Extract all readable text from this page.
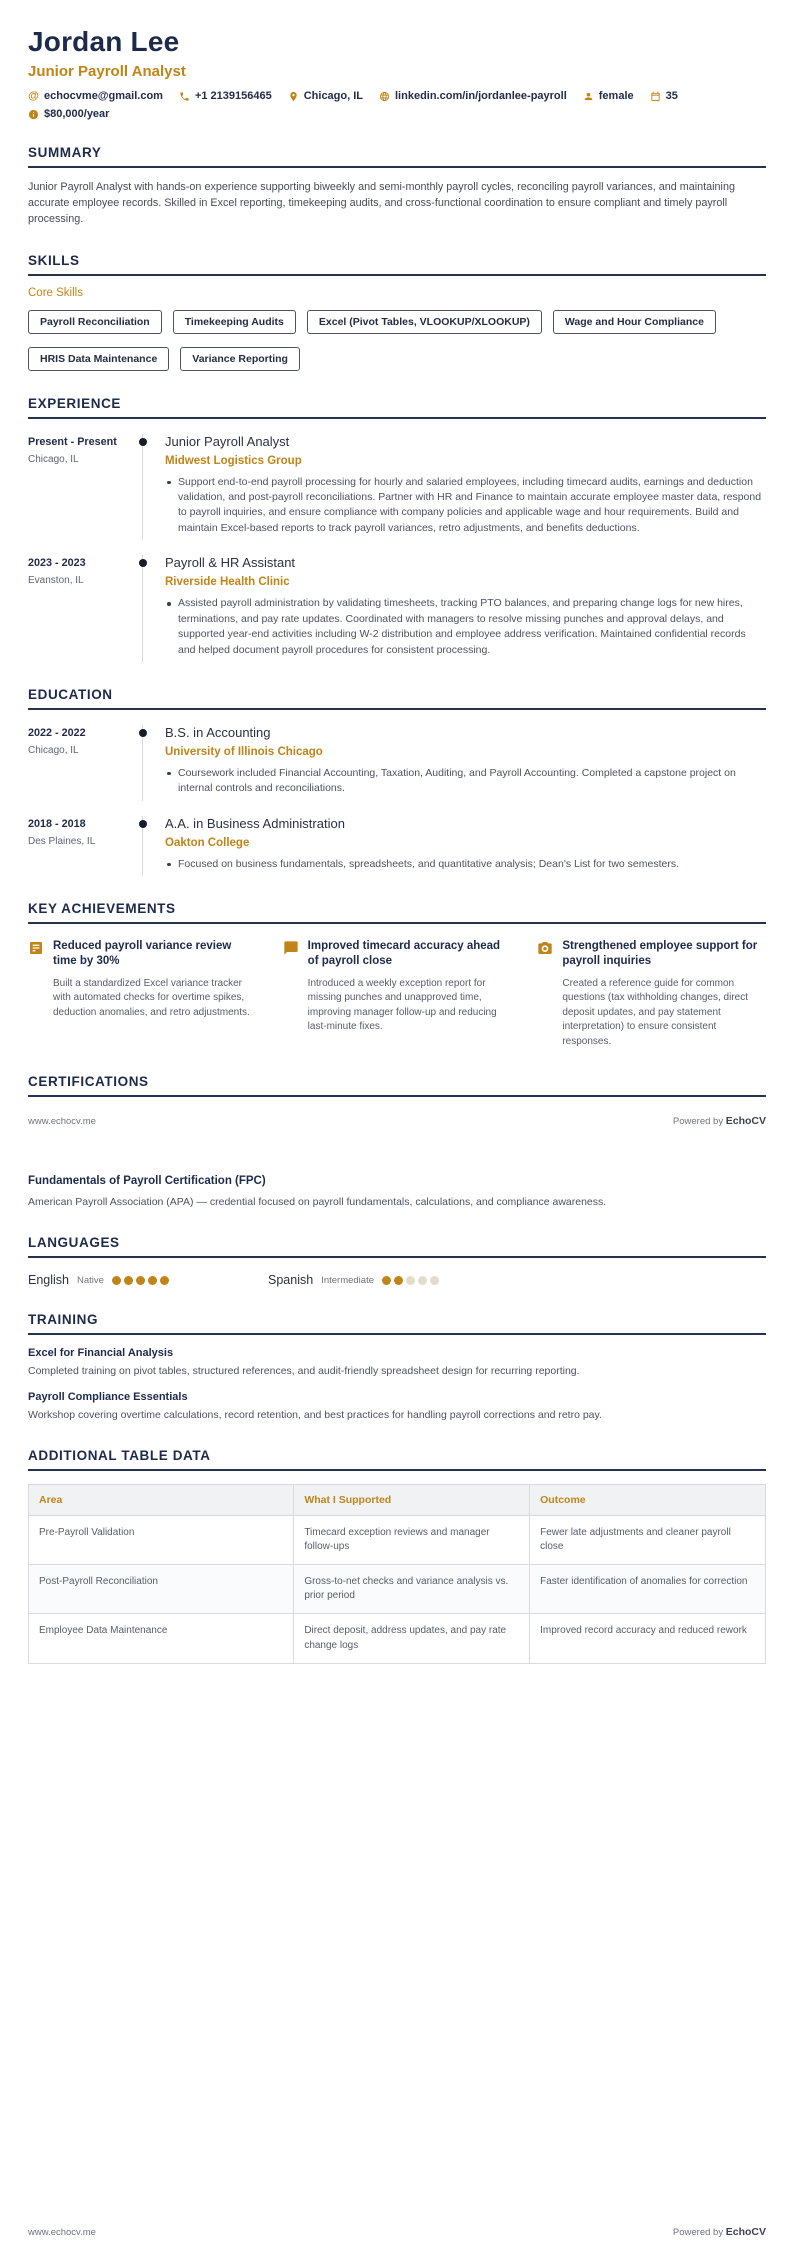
Jordan Lee
Junior Payroll Analyst
@
echocvme@gmail.com	+1 2139156465	Chicago, IL	linkedin.com/in/jordanlee-payroll	female	35
$80,000/year
SUMMARY
Junior Payroll Analyst with hands-on experience supporting biweekly and semi-monthly payroll cycles, reconciling payroll variances, and maintaining accurate employee records. Skilled in Excel reporting, timekeeping audits, and cross-functional coordination to ensure compliant and timely payroll processing.
SKILLS
Core Skills
Payroll Reconciliation	Timekeeping Audits	Excel (Pivot Tables, VLOOKUP/XLOOKUP)	Wage and Hour Compliance
HRIS Data Maintenance	Variance Reporting
EXPERIENCE
Present - Present
Chicago, IL
Junior Payroll Analyst
Midwest Logistics Group
Support end-to-end payroll processing for hourly and salaried employees, including timecard audits, earnings and deduction validation, and post-payroll reconciliations. Partner with HR and Finance to maintain accurate employee master data, respond to payroll inquiries, and ensure compliance with company policies and applicable wage and hour requirements. Build and maintain Excel-based reports to track payroll variances, retro adjustments, and benefits deductions.
2023 - 2023
Evanston, IL
Payroll & HR Assistant
Riverside Health Clinic
Assisted payroll administration by validating timesheets, tracking PTO balances, and preparing change logs for new hires, terminations, and pay rate updates. Coordinated with managers to resolve missing punches and approval delays, and supported year-end activities including W-2 distribution and employee address verification. Maintained confidential records and helped document payroll procedures for consistent processing.
EDUCATION
2022 - 2022
Chicago, IL
B.S. in Accounting
University of Illinois Chicago
Coursework included Financial Accounting, Taxation, Auditing, and Payroll Accounting. Completed a capstone project on internal controls and reconciliations.
2018 - 2018
Des Plaines, IL
A.A. in Business Administration
Oakton College
Focused on business fundamentals, spreadsheets, and quantitative analysis; Dean's List for two semesters.
KEY ACHIEVEMENTS
Reduced payroll variance review time by 30%
Built a standardized Excel variance tracker with automated checks for overtime spikes, deduction anomalies, and retro adjustments.
Improved timecard accuracy ahead of payroll close
Introduced a weekly exception report for missing punches and unapproved time, improving manager follow-up and reducing last-minute fixes.
Strengthened employee support for payroll inquiries
Created a reference guide for common questions (tax withholding changes, direct deposit updates, and pay statement interpretation) to ensure consistent responses.
CERTIFICATIONS
www.echocv.me	Powered by EchoCV
Fundamentals of Payroll Certification (FPC)
American Payroll Association (APA) — credential focused on payroll fundamentals, calculations, and compliance awareness.
LANGUAGES
English Native	Spanish Intermediate
TRAINING
Excel for Financial Analysis
Completed training on pivot tables, structured references, and audit-friendly spreadsheet design for recurring reporting.
Payroll Compliance Essentials
Workshop covering overtime calculations, record retention, and best practices for handling payroll corrections and retro pay.
ADDITIONAL TABLE DATA
Area	What I Supported	Outcome
Pre-Payroll Validation	Timecard exception reviews and manager follow-ups	Fewer late adjustments and cleaner payroll close
Post-Payroll Reconciliation	Gross-to-net checks and variance analysis vs. prior period	Faster identification of anomalies for correction
Employee Data Maintenance	Direct deposit, address updates, and pay rate change logs	Improved record accuracy and reduced rework
www.echocv.me	Powered by EchoCV
